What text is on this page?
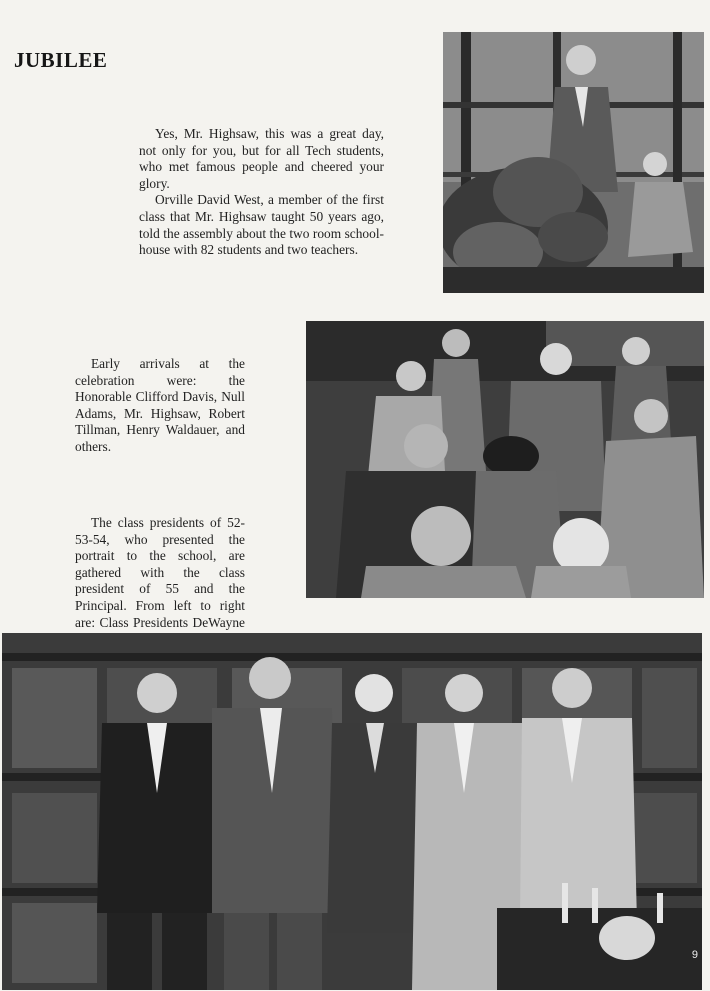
JUBILEE

Yes, Mr. Highsaw, this was a great day, not only for you, but for all Tech students, who met famous people and cheered your glory.

Orville David West, a member of the first class that Mr. Highsaw taught 50 years ago, told the assembly about the two room school-house with 82 students and two teachers.

Early arrivals at the celebration were: the Honorable Clifford Davis, Null Adams, Mr. Highsaw, Robert Tillman, Henry Waldauer, and others.

The class presidents of 52-53-54, who presented the portrait to the school, are gathered with the class president of 55 and the Principal. From left to right are: Class Presidents DeWayne

9
